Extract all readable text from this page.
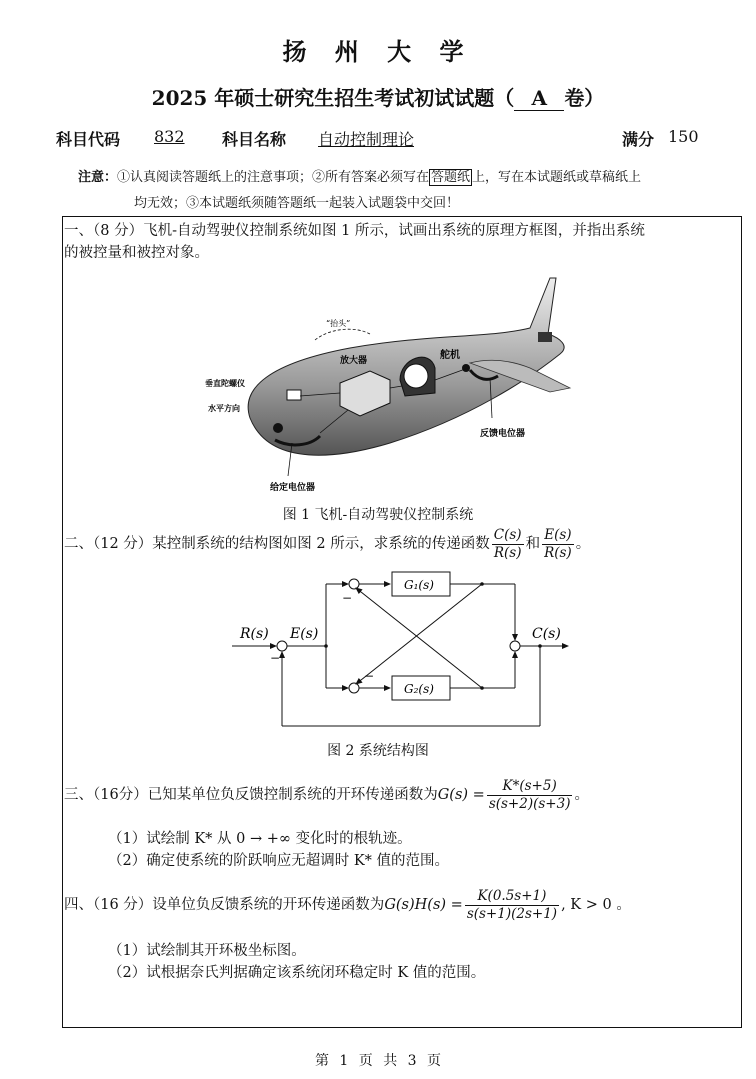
扬 州 大 学
2025 年硕士研究生招生考试初试试题（ A 卷）
科目代码 832 科目名称 自动控制理论	满分 150
注意：①认真阅读答题纸上的注意事项；②所有答案必须写在 答题纸 上，写在本试题纸或草稿纸上
均无效；③本试题纸须随答题纸一起装入试题袋中交回！
一、（8 分）飞机-自动驾驶仪控制系统如图 1 所示，试画出系统的原理方框图，并指出系统
的被控量和被控对象。
“抬头”
放大器	舵机
垂直陀螺仪
水平方向
反馈电位器
给定电位器
图 1 飞机-自动驾驶仪控制系统
二、（12 分）某控制系统的结构图如图 2 所示，求系统的传递函数 $\frac{C(s)}{R(s)}$ 和 $\frac{E(s)}{R(s)}$ 。
R(s) E(s)	C(s)
G₁(s)
G₂(s)
−
−
−
图 2 系统结构图
三、（16分）已知某单位负反馈控制系统的开环传递函数为$G(s) = \frac{K*(s+5)}{s(s+2)(s+3)}$ 。
（1）试绘制 K* 从 0 → +∞ 变化时的根轨迹。
（2）确定使系统的阶跃响应无超调时 K* 值的范围。
四、（16 分）设单位负反馈系统的开环传递函数为$G(s)H(s) = \frac{K(0.5s+1)}{s(s+1)(2s+1)}$ , K > 0 。
（1）试绘制其开环极坐标图。
（2）试根据奈氏判据确定该系统闭环稳定时 K 值的范围。
第 1 页 共 3 页
